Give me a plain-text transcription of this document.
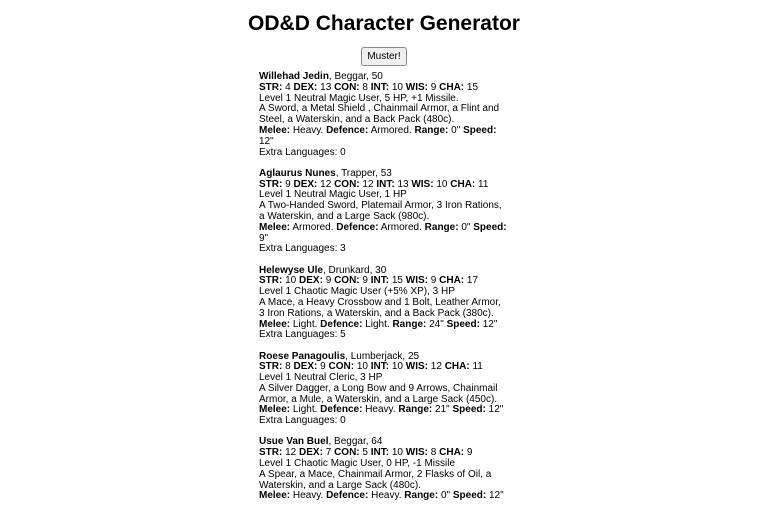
OD&D Character Generator
Muster!
Willehad Jedin, Beggar, 50
STR: 4 DEX: 13 CON: 8 INT: 10 WIS: 9 CHA: 15
Level 1 Neutral Magic User, 5 HP, +1 Missile.
A Sword, a Metal Shield , Chainmail Armor, a Flint and Steel, a Waterskin, and a Back Pack (480c).
Melee: Heavy. Defence: Armored. Range: 0" Speed: 12"
Extra Languages: 0
Aglaurus Nunes, Trapper, 53
STR: 9 DEX: 12 CON: 12 INT: 13 WIS: 10 CHA: 11
Level 1 Neutral Magic User, 1 HP
A Two-Handed Sword, Platemail Armor, 3 Iron Rations, a Waterskin, and a Large Sack (980c).
Melee: Armored. Defence: Armored. Range: 0" Speed: 9"
Extra Languages: 3
Helewyse Ule, Drunkard, 30
STR: 10 DEX: 9 CON: 9 INT: 15 WIS: 9 CHA: 17
Level 1 Chaotic Magic User (+5% XP), 3 HP
A Mace, a Heavy Crossbow and 1 Bolt, Leather Armor, 3 Iron Rations, a Waterskin, and a Back Pack (380c).
Melee: Light. Defence: Light. Range: 24" Speed: 12"
Extra Languages: 5
Roese Panagoulis, Lumberjack, 25
STR: 8 DEX: 9 CON: 10 INT: 10 WIS: 12 CHA: 11
Level 1 Neutral Cleric, 3 HP
A Silver Dagger, a Long Bow and 9 Arrows, Chainmail Armor, a Mule, a Waterskin, and a Large Sack (450c).
Melee: Light. Defence: Heavy. Range: 21" Speed: 12"
Extra Languages: 0
Usue Van Buel, Beggar, 64
STR: 12 DEX: 7 CON: 5 INT: 10 WIS: 8 CHA: 9
Level 1 Chaotic Magic User, 0 HP, -1 Missile
A Spear, a Mace, Chainmail Armor, 2 Flasks of Oil, a Waterskin, and a Large Sack (480c).
Melee: Heavy. Defence: Heavy. Range: 0" Speed: 12"
